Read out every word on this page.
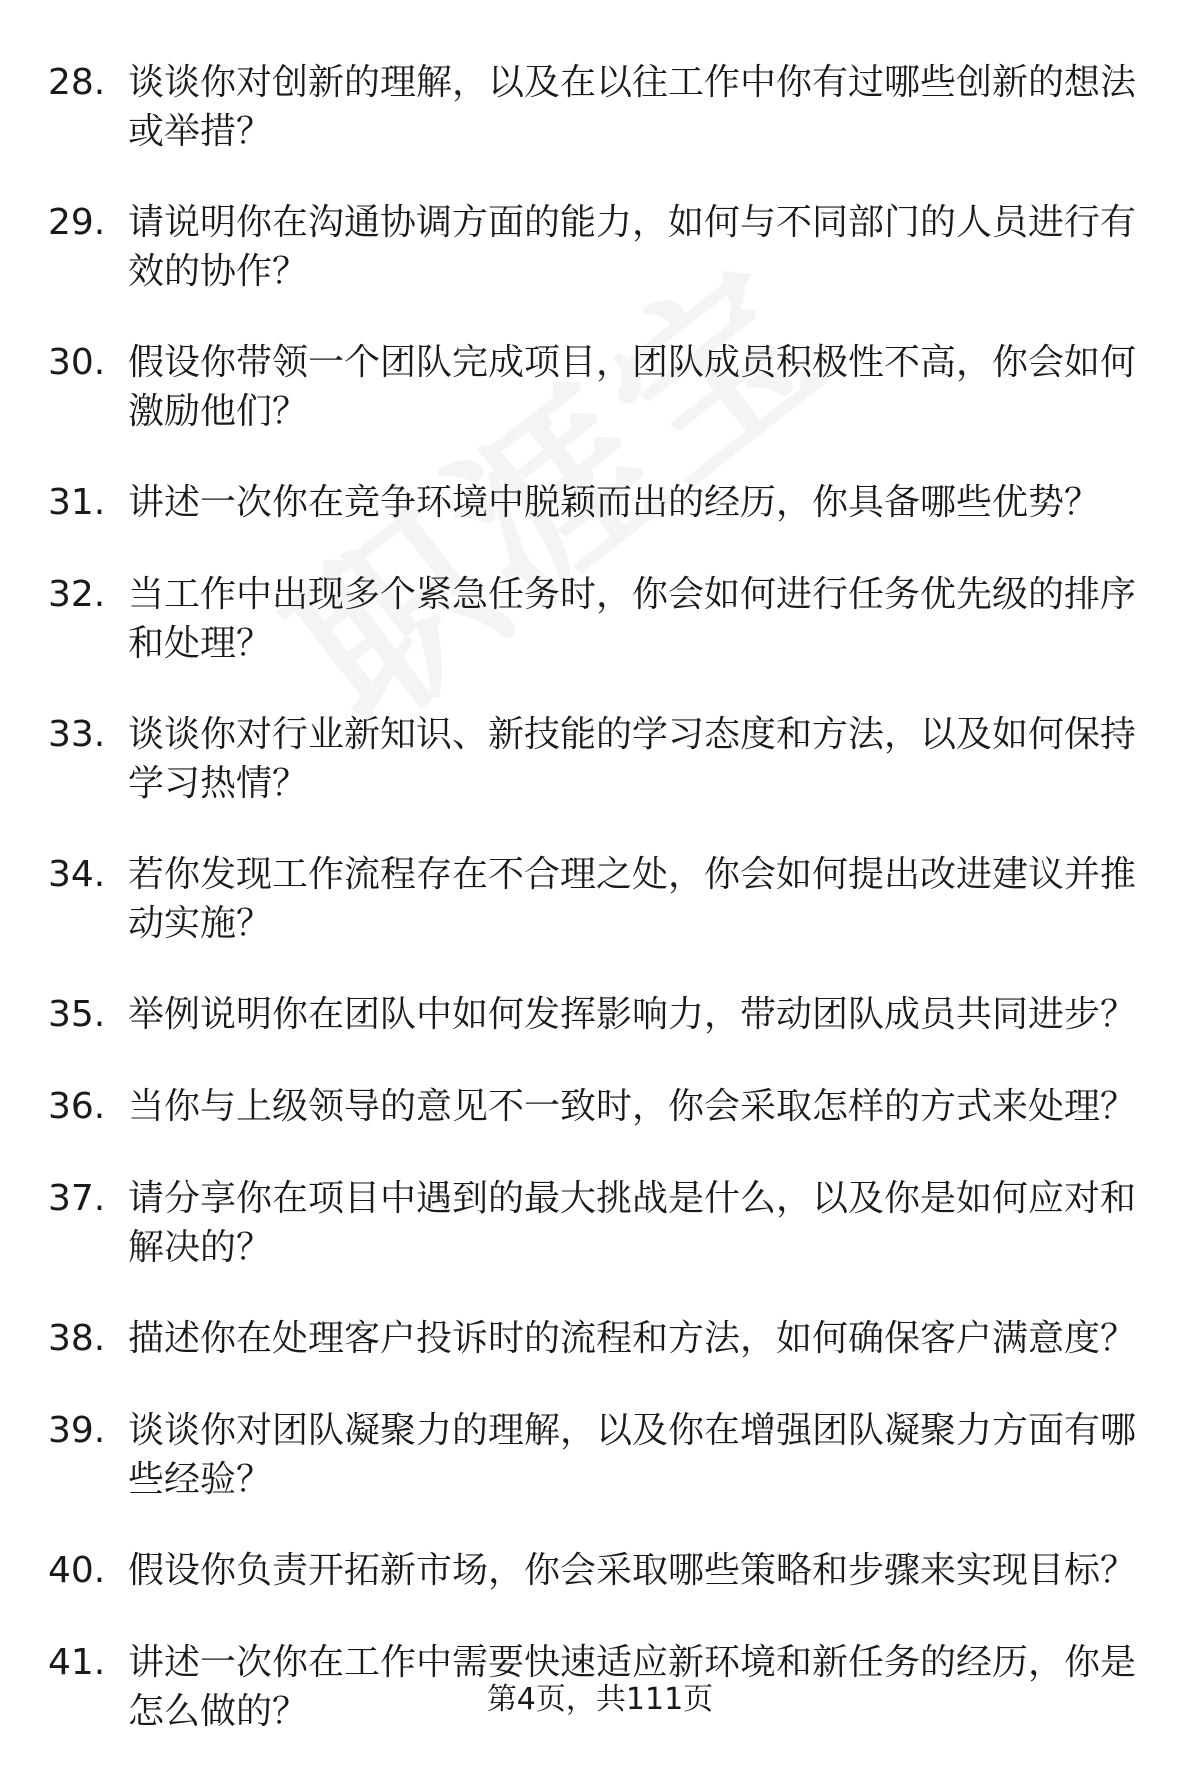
28. 谈谈你对创新的理解，以及在以往工作中你有过哪些创新的想法或举措？
29. 请说明你在沟通协调方面的能力，如何与不同部门的人员进行有效的协作？
30. 假设你带领一个团队完成项目，团队成员积极性不高，你会如何激励他们？
31. 讲述一次你在竞争环境中脱颖而出的经历，你具备哪些优势？
32. 当工作中出现多个紧急任务时，你会如何进行任务优先级的排序和处理？
33. 谈谈你对行业新知识、新技能的学习态度和方法，以及如何保持学习热情？
34. 若你发现工作流程存在不合理之处，你会如何提出改进建议并推动实施？
35. 举例说明你在团队中如何发挥影响力，带动团队成员共同进步？
36. 当你与上级领导的意见不一致时，你会采取怎样的方式来处理？
37. 请分享你在项目中遇到的最大挑战是什么，以及你是如何应对和解决的？
38. 描述你在处理客户投诉时的流程和方法，如何确保客户满意度？
39. 谈谈你对团队凝聚力的理解，以及你在增强团队凝聚力方面有哪些经验？
40. 假设你负责开拓新市场，你会采取哪些策略和步骤来实现目标？
41. 讲述一次你在工作中需要快速适应新环境和新任务的经历，你是怎么做的？	第4页，共111页
